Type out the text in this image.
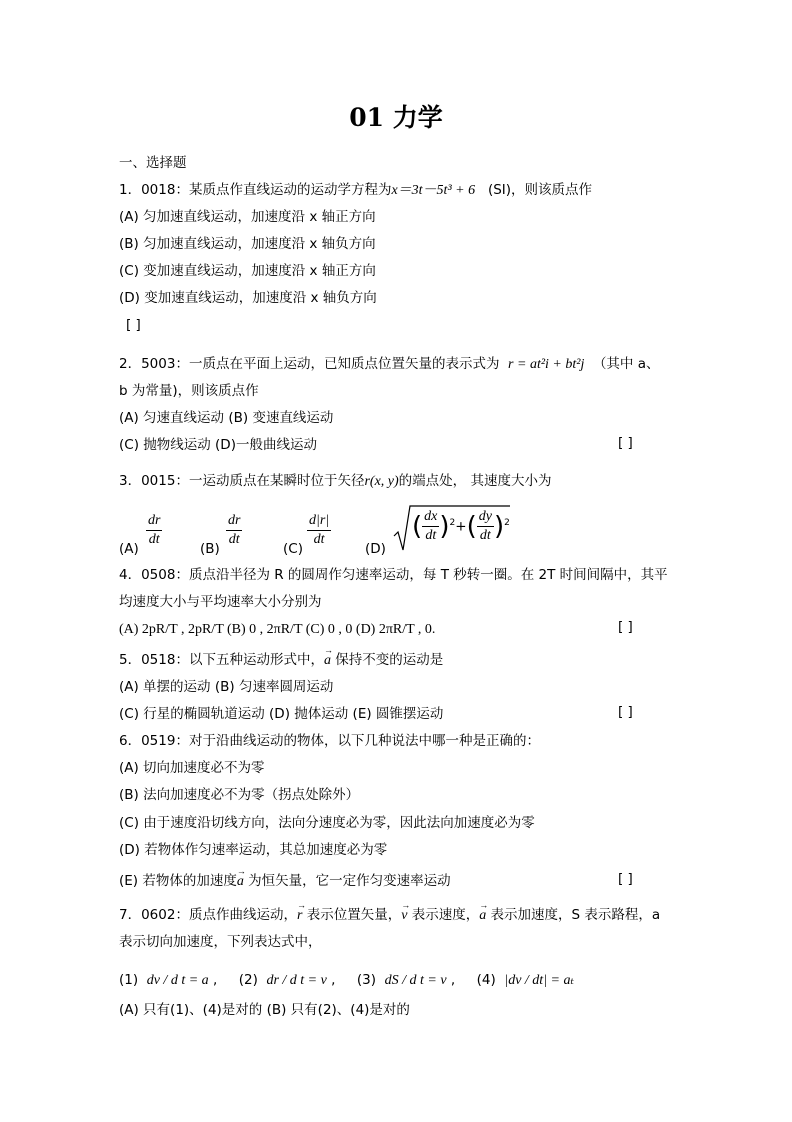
01 力学
一、选择题
1．0018：某质点作直线运动的运动学方程为x＝3t－5t³ + 6 (SI)，则该质点作
(A) 匀加速直线运动，加速度沿 x 轴正方向
(B) 匀加速直线运动，加速度沿 x 轴负方向
(C) 变加速直线运动，加速度沿 x 轴正方向
(D) 变加速直线运动，加速度沿 x 轴负方向
[ ]
2．5003：一质点在平面上运动，已知质点位置矢量的表示式为 r = at²i + bt²j （其中 a、
b 为常量)，则该质点作
(A) 匀速直线运动 (B) 变速直线运动
(C) 抛物线运动 (D)一般曲线运动	[ ]
3．0015：一运动质点在某瞬时位于矢径r(x, y)的端点处， 其速度大小为
$(A) \frac{dr}{dt}$	$(B) \frac{dr}{dt}$	$(C) \frac{d|r|}{dt}$	(D)
( $\frac{dx}{dt} )^2+( \frac{dy}{dt} )^2$
4．0508：质点沿半径为 R 的圆周作匀速率运动，每 T 秒转一圈。在 2T 时间间隔中，其平
均速度大小与平均速率大小分别为
(A) 2pR/T , 2pR/T (B) 0 , 2πR/T (C) 0 , 0 (D) 2πR/T , 0.	[ ]
5．0518：以下五种运动形式中，→ a 保持不变的运动是
(A) 单摆的运动 (B) 匀速率圆周运动
(C) 行星的椭圆轨道运动 (D) 抛体运动 (E) 圆锥摆运动	[ ]
6．0519：对于沿曲线运动的物体，以下几种说法中哪一种是正确的：
(A) 切向加速度必不为零
(B) 法向加速度必不为零（拐点处除外）
(C) 由于速度沿切线方向，法向分速度必为零，因此法向加速度必为零
(D) 若物体作匀速率运动，其总加速度必为零
(E) 若物体的加速度→ a 为恒矢量，它一定作匀变速率运动	[ ]
7．0602：质点作曲线运动，→ r 表示位置矢量，→ v 表示速度，→ a 表示加速度，S 表示路程，a
表示切向加速度，下列表达式中，
(1) dv / d t = a , (2) dr / d t = v , (3) dS / d t = v , (4) |dv / dt| = aₜ
(A) 只有(1)、(4)是对的 (B) 只有(2)、(4)是对的
